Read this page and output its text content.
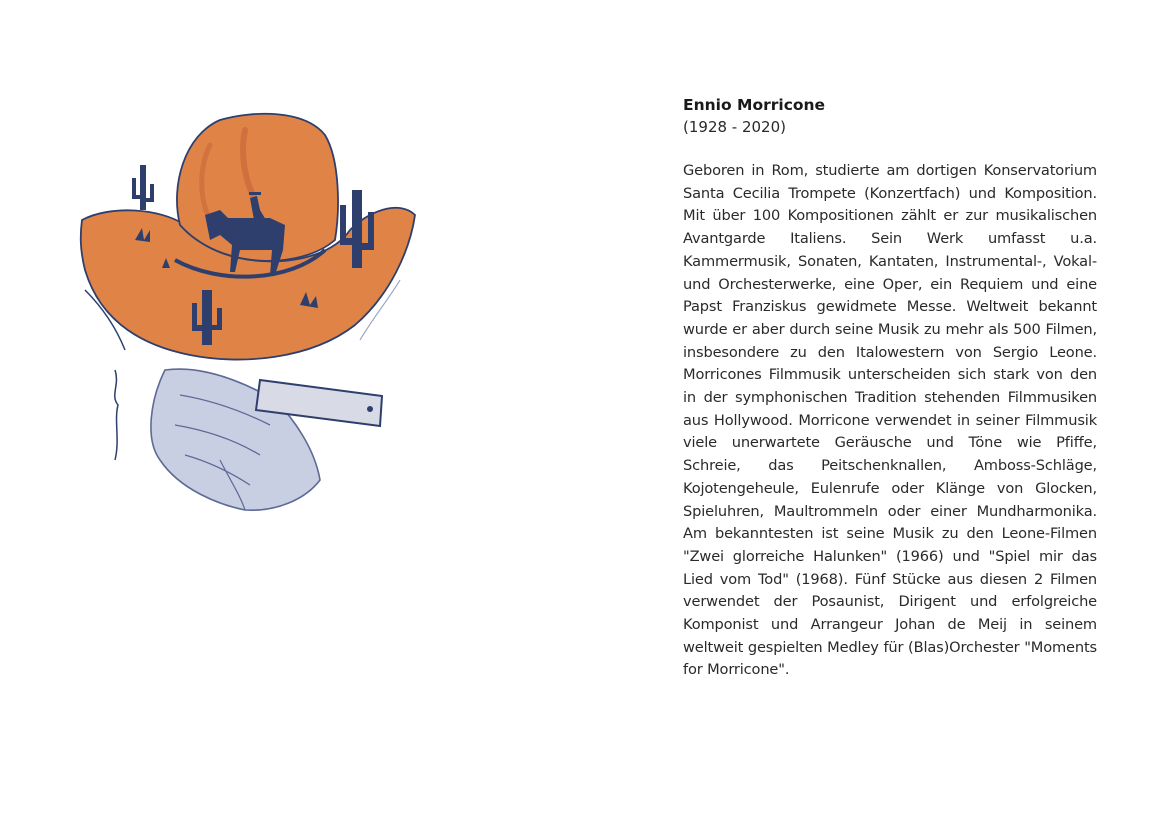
Ennio Morricone
(1928 - 2020)
Geboren in Rom, studierte am dortigen Konservatorium Santa Cecilia Trompete (Konzertfach) und Komposition. Mit über 100 Kompositionen zählt er zur musikalischen Avantgarde Italiens. Sein Werk umfasst u.a. Kammermusik, Sonaten, Kantaten, Instrumental-, Vokal- und Orchesterwerke, eine Oper, ein Requiem und eine Papst Franziskus gewidmete Messe. Weltweit bekannt wurde er aber durch seine Musik zu mehr als 500 Filmen, insbesondere zu den Italowestern von Sergio Leone. Morricones Filmmusik unterscheiden sich stark von den in der symphonischen Tradition stehenden Filmmusiken aus Hollywood. Morricone verwendet in seiner Filmmusik viele unerwartete Geräusche und Töne wie Pfiffe, Schreie, das Peitschenknallen, Amboss-Schläge, Kojotengeheule, Eulenrufe oder Klänge von Glocken, Spieluhren, Maultrommeln oder einer Mundharmonika. Am bekanntesten ist seine Musik zu den Leone-Filmen "Zwei glorreiche Halunken" (1966) und "Spiel mir das Lied vom Tod" (1968). Fünf Stücke aus diesen 2 Filmen verwendet der Posaunist, Dirigent und erfolgreiche Komponist und Arrangeur Johan de Meij in seinem weltweit gespielten Medley für (Blas)Orchester "Moments for Morricone".
